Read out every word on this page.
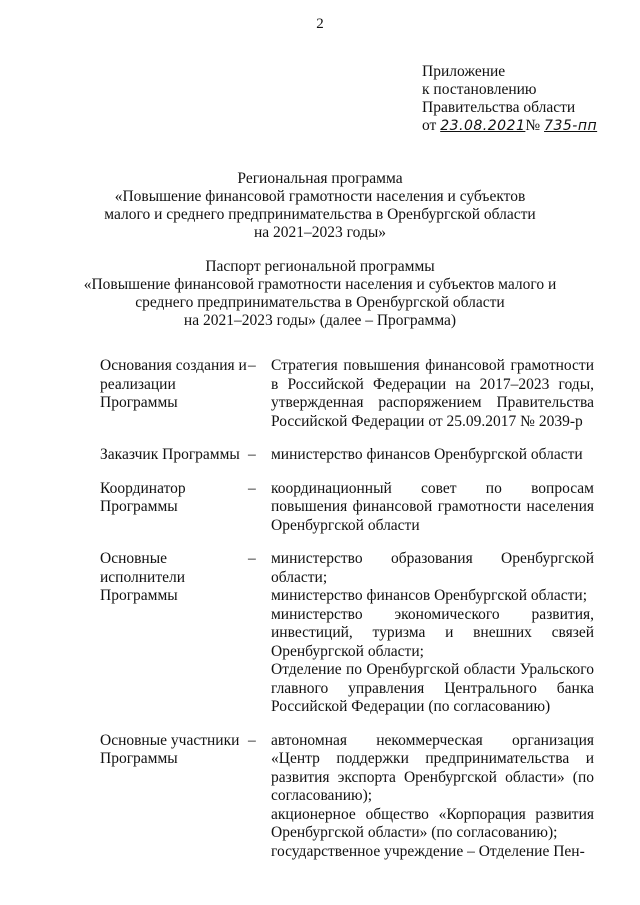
2
Приложение
к постановлению
Правительства области
от 23.08.2021№ 735-пп
Региональная программа
«Повышение финансовой грамотности населения и субъектов
малого и среднего предпринимательства в Оренбургской области
на 2021–2023 годы»
Паспорт региональной программы
«Повышение финансовой грамотности населения и субъектов малого и
среднего предпринимательства в Оренбургской области
на 2021–2023 годы» (далее – Программа)
Основания создания и реализации Программы
– Стратегия повышения финансовой грамотности в Российской Федерации на 2017–2023 годы, утвержденная распоряжением Правительства Российской Федерации от 25.09.2017 № 2039-р

Заказчик Программы – министерство финансов Оренбургской области

Координатор Программы
– координационный совет по вопросам повышения финансовой грамотности населения Оренбургской области

Основные исполнители Программы
– министерство образования Оренбургской области;

министерство финансов Оренбургской области;

министерство экономического развития, инвестиций, туризма и внешних связей Оренбургской области;

Отделение по Оренбургской области Уральского главного управления Центрального банка Российской Федерации (по согласованию)

Основные участники Программы
– автономная некоммерческая организация «Центр поддержки предпринимательства и развития экспорта Оренбургской области» (по согласованию);

акционерное общество «Корпорация развития Оренбургской области» (по согласованию);

государственное учреждение – Отделение Пен-
